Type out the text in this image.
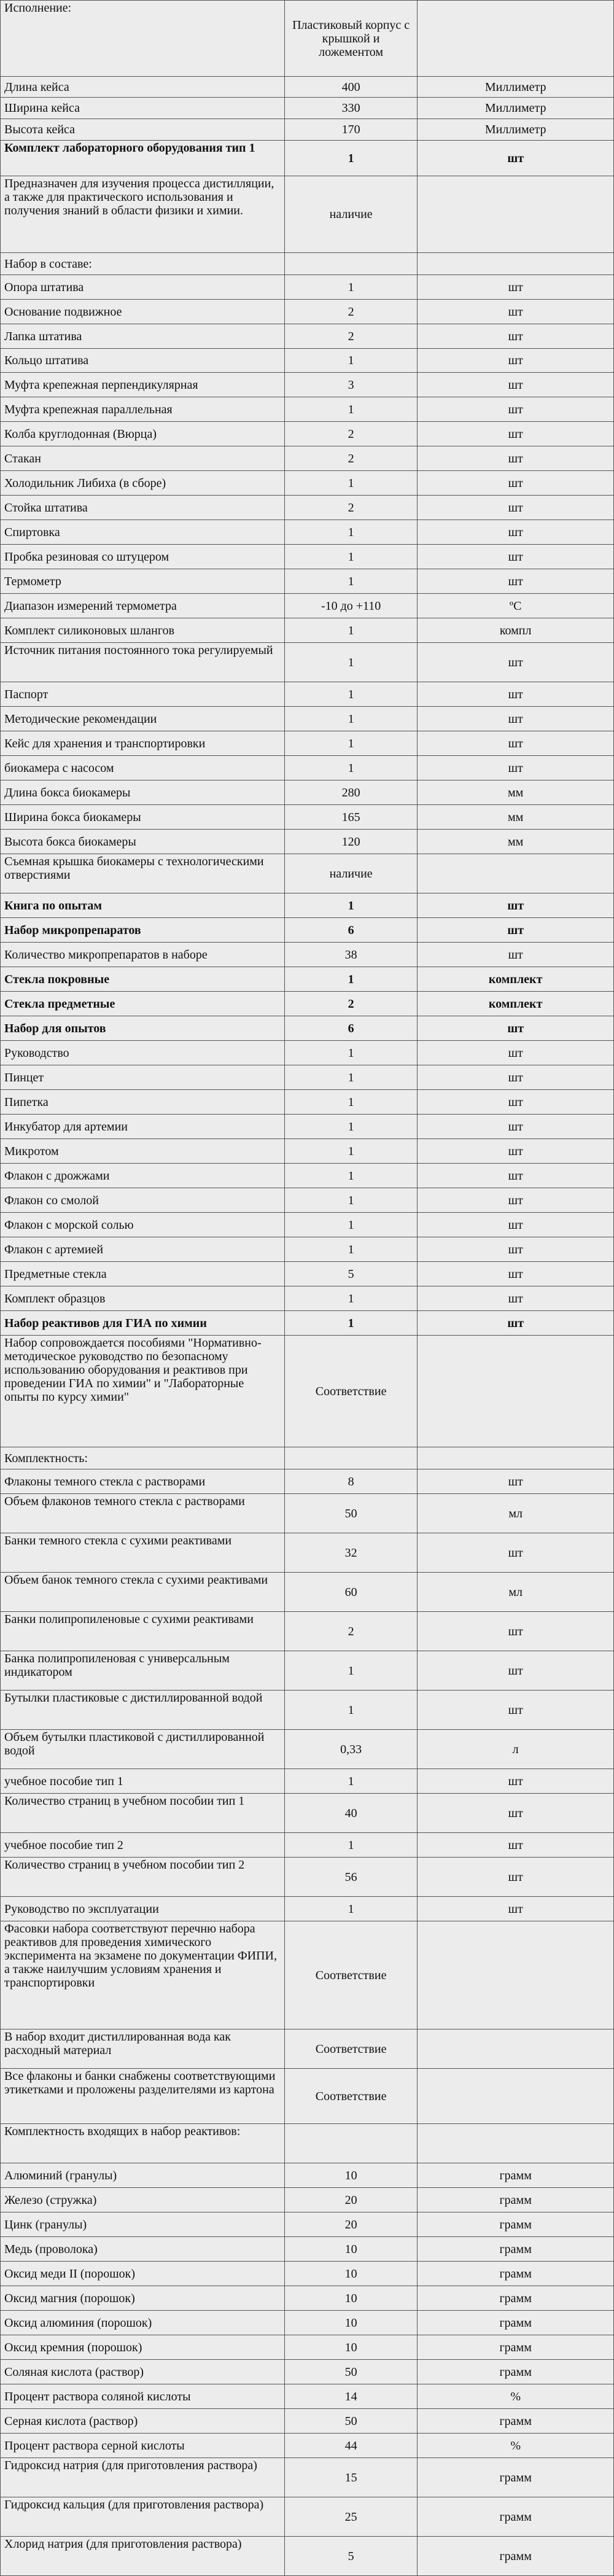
Исполнение:	Пластиковый корпус с крышкой и ложементом	
Длина кейса	400	Миллиметр
Ширина кейса	330	Миллиметр
Высота кейса	170	Миллиметр
Комплект лабораторного оборудования тип 1	1	шт
Предназначен для изучения процесса дистилляции, а также для практического использования и получения знаний в области физики и химии.	наличие	
Набор в составе:		
Опора штатива	1	шт
Основание подвижное	2	шт
Лапка штатива	2	шт
Кольцо штатива	1	шт
Муфта крепежная перпендикулярная	3	шт
Муфта крепежная параллельная	1	шт
Колба круглодонная (Вюрца)	2	шт
Стакан	2	шт
Холодильник Либиха (в сборе)	1	шт
Стойка штатива	2	шт
Спиртовка	1	шт
Пробка резиновая со штуцером	1	шт
Термометр	1	шт
Диапазон измерений термометра	-10 до +110	ºС
Комплект силиконовых шлангов	1	компл
Источник питания постоянного тока регулируемый	1	шт
Паспорт	1	шт
Методические рекомендации	1	шт
Кейс для хранения и транспортировки	1	шт
биокамера с насосом	1	шт
Длина бокса биокамеры	280	мм
Ширина бокса биокамеры	165	мм
Высота бокса биокамеры	120	мм
Съемная крышка биокамеры с технологическими отверстиями	наличие	
Книга по опытам	1	шт
Набор микропрепаратов	6	шт
Количество микропрепаратов в наборе	38	шт
Стекла покровные	1	комплект
Стекла предметные	2	комплект
Набор для опытов	6	шт
Руководство	1	шт
Пинцет	1	шт
Пипетка	1	шт
Инкубатор для артемии	1	шт
Микротом	1	шт
Флакон с дрожжами	1	шт
Флакон со смолой	1	шт
Флакон с морской солью	1	шт
Флакон с артемией	1	шт
Предметные стекла	5	шт
Комплект образцов	1	шт
Набор реактивов для ГИА по химии	1	шт
Набор сопровождается пособиями "Нормативно-методическое руководство по безопасному использованию оборудования и реактивов при проведении ГИА по химии" и "Лабораторные опыты по курсу химии"	Соответствие	
Комплектность:		
Флаконы темного стекла с растворами	8	шт
Объем флаконов темного стекла с растворами	50	мл
Банки темного стекла с сухими реактивами	32	шт
Объем банок темного стекла с сухими реактивами	60	мл
Банки полипропиленовые с сухими реактивами	2	шт
Банка полипропиленовая с универсальным индикатором	1	шт
Бутылки пластиковые с дистиллированной водой	1	шт
Объем бутылки пластиковой с дистиллированной водой	0,33	л
учебное пособие тип 1	1	шт
Количество страниц в учебном пособии тип 1	40	шт
учебное пособие тип 2	1	шт
Количество страниц в учебном пособии тип 2	56	шт
Руководство по эксплуатации	1	шт
Фасовки набора соответствуют перечню набора реактивов для проведения химического эксперимента на экзамене по документации ФИПИ, а также наилучшим условиям хранения и транспортировки	Соответствие	
В набор входит дистиллированная вода как расходный материал	Соответствие	
Все флаконы и банки снабжены соответствующими этикетками и проложены разделителями из картона	Соответствие	
Комплектность входящих в набор реактивов:		
Алюминий (гранулы)	10	грамм
Железо (стружка)	20	грамм
Цинк (гранулы)	20	грамм
Медь (проволока)	10	грамм
Оксид меди II (порошок)	10	грамм
Оксид магния (порошок)	10	грамм
Оксид алюминия (порошок)	10	грамм
Оксид кремния (порошок)	10	грамм
Соляная кислота (раствор)	50	грамм
Процент раствора соляной кислоты	14	%
Серная кислота (раствор)	50	грамм
Процент раствора серной кислоты	44	%
Гидроксид натрия (для приготовления раствора)	15	грамм
Гидроксид кальция (для приготовления раствора)	25	грамм
Хлорид натрия (для приготовления раствора)	5	грамм
